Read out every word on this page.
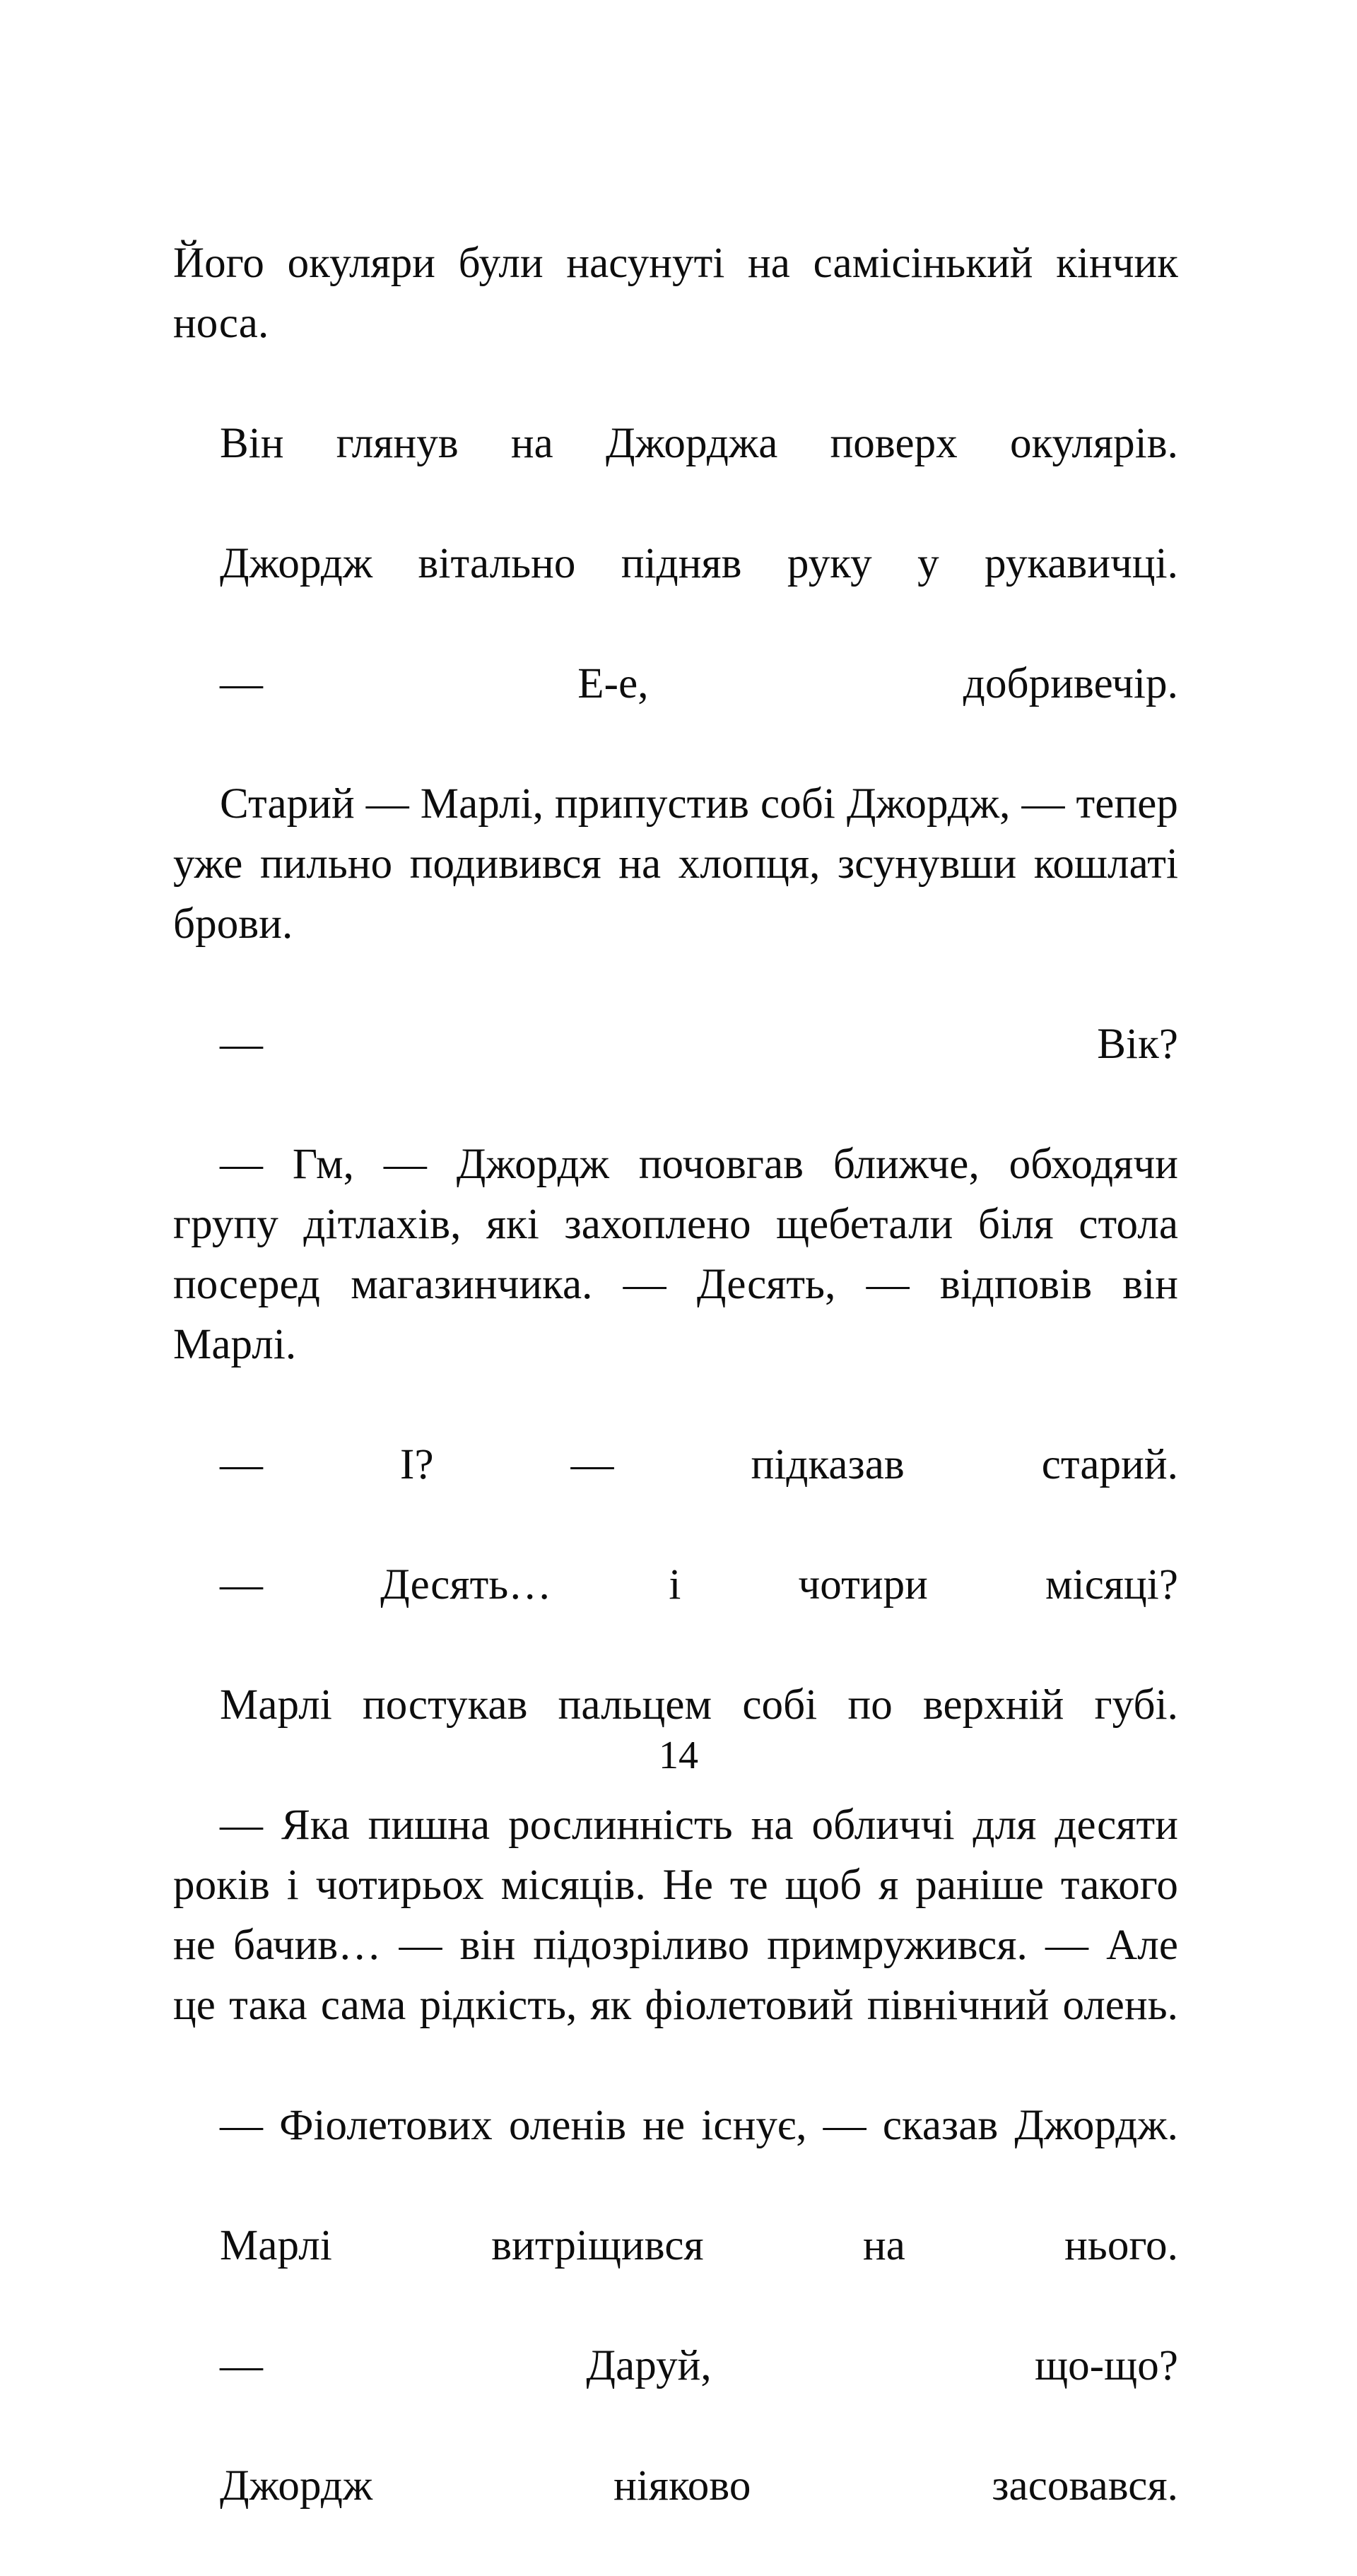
Його окуляри були насунуті на самісінький кінчик носа.

Він глянув на Джорджа поверх окулярів.

Джордж вітально підняв руку у рукавичці.

— Е-е, добривечір.

Старий — Марлі, припустив собі Джордж, — тепер уже пильно подивився на хлопця, зсунувши кошлаті брови.

— Вік?

— Гм, — Джордж почовгав ближче, обходячи групу дітлахів, які захоплено щебетали біля стола посеред магазинчика. — Десять, — відповів він Марлі.

— І? — підказав старий.

— Десять… і чотири місяці?

Марлі постукав пальцем собі по верхній губі.

— Яка пишна рослинність на обличчі для десяти років і чотирьох місяців. Не те щоб я раніше такого не бачив… — він підозріливо примружився. — Але це така сама рідкість, як фіолетовий північний олень.

— Фіолетових оленів не існує, — сказав Джордж.

Марлі витріщився на нього.

— Даруй, що-що?

Джордж ніяково засовався.

14
